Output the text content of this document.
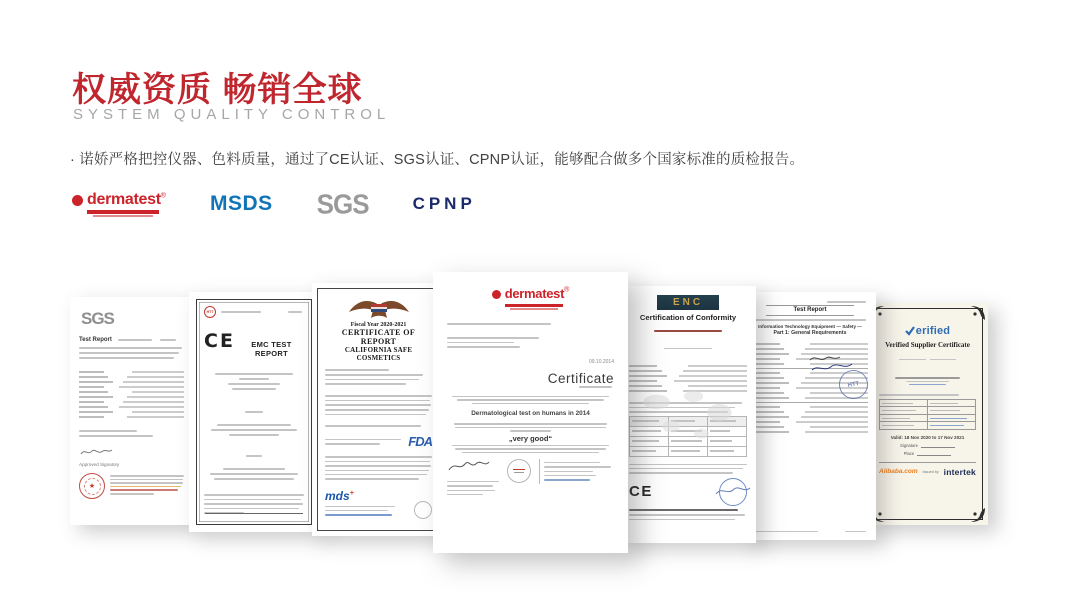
权威资质 畅销全球
SYSTEM QUALITY CONTROL
· 诺娇严格把控仪器、色料质量，通过了CE认证、SGS认证、CPNP认证，能够配合做多个国家标准的质检报告。
dermatest® MSDS SGS	CPNP
SGS
Test Report
Approved Signatory
★
HTT
CE	EMC TEST REPORT
Fiscal Year 2020-2021
CERTIFICATE OF REPORT
CALIFORNIA SAFE COSMETICS
FDA
mds+
dermatest®
09.10.2014
Certificate
Dermatological test on humans in 2014
„very good“
ENC
Certification of Conformity

CE
Test Report
Information Technology Equipment — Safety —
Part 1: General Requirements
HTT
erified
Verified Supplier Certificate

Valid: 18 Nov 2020 to 17 Nov 2021
Signature
Place
Alibaba.com Issued by intertek
